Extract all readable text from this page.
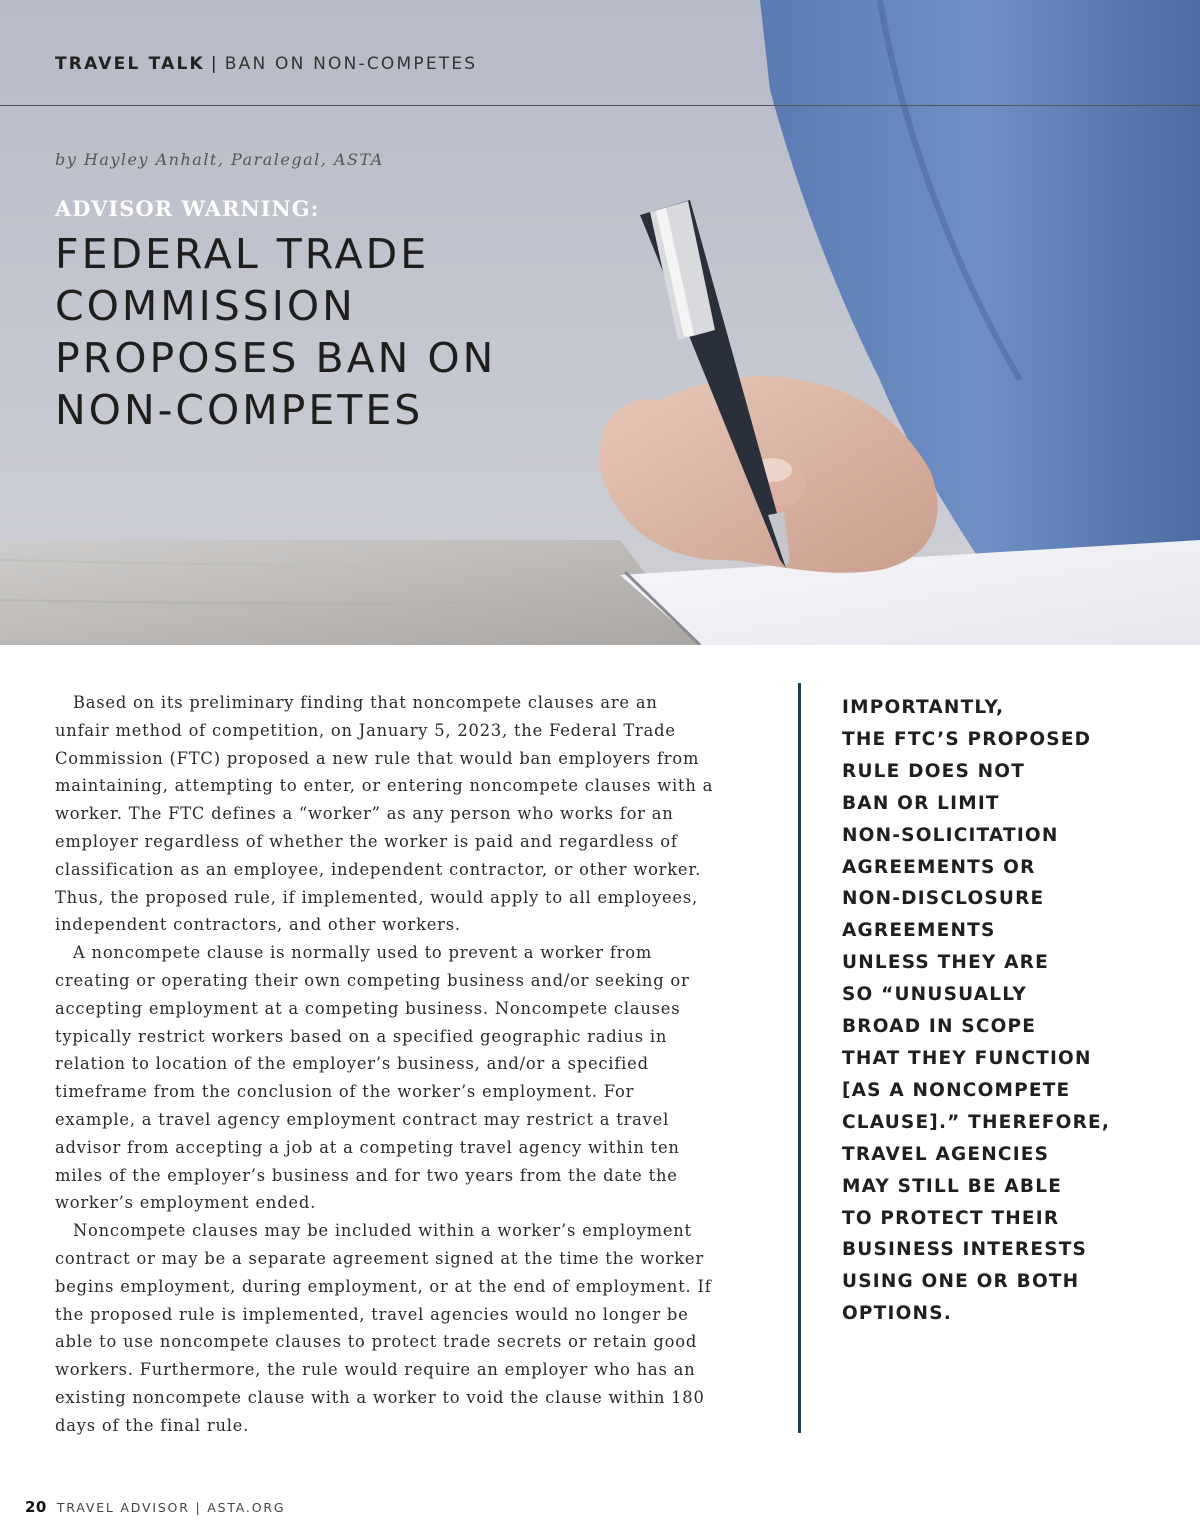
TRAVEL TALK | BAN ON NON-COMPETES
by Hayley Anhalt, Paralegal, ASTA
ADVISOR WARNING:
FEDERAL TRADE COMMISSION PROPOSES BAN ON NON-COMPETES

Based on its preliminary finding that noncompete clauses are an unfair method of competition, on January 5, 2023, the Federal Trade Commission (FTC) proposed a new rule that would ban employers from maintaining, attempting to enter, or entering noncompete clauses with a worker. The FTC defines a “worker” as any person who works for an employer regardless of whether the worker is paid and regardless of classification as an employee, independent contractor, or other worker. Thus, the proposed rule, if implemented, would apply to all employees, independent contractors, and other workers.

A noncompete clause is normally used to prevent a worker from creating or operating their own competing business and/or seeking or accepting employment at a competing business. Noncompete clauses typically restrict workers based on a specified geographic radius in relation to location of the employer’s business, and/or a specified timeframe from the conclusion of the worker’s employment. For example, a travel agency employment contract may restrict a travel advisor from accepting a job at a competing travel agency within ten miles of the employer’s business and for two years from the date the worker’s employment ended.

Noncompete clauses may be included within a worker’s employment contract or may be a separate agreement signed at the time the worker begins employment, during employment, or at the end of employment. If the proposed rule is implemented, travel agencies would no longer be able to use noncompete clauses to protect trade secrets or retain good workers. Furthermore, the rule would require an employer who has an existing noncompete clause with a worker to void the clause within 180 days of the final rule.

IMPORTANTLY,
THE FTC’S PROPOSED
RULE DOES NOT
BAN OR LIMIT
NON-SOLICITATION
AGREEMENTS OR
NON-DISCLOSURE
AGREEMENTS
UNLESS THEY ARE
SO “UNUSUALLY
BROAD IN SCOPE
THAT THEY FUNCTION
[AS A NONCOMPETE
CLAUSE].” THEREFORE,
TRAVEL AGENCIES
MAY STILL BE ABLE
TO PROTECT THEIR
BUSINESS INTERESTS
USING ONE OR BOTH
OPTIONS.
20 TRAVEL ADVISOR | ASTA.ORG
